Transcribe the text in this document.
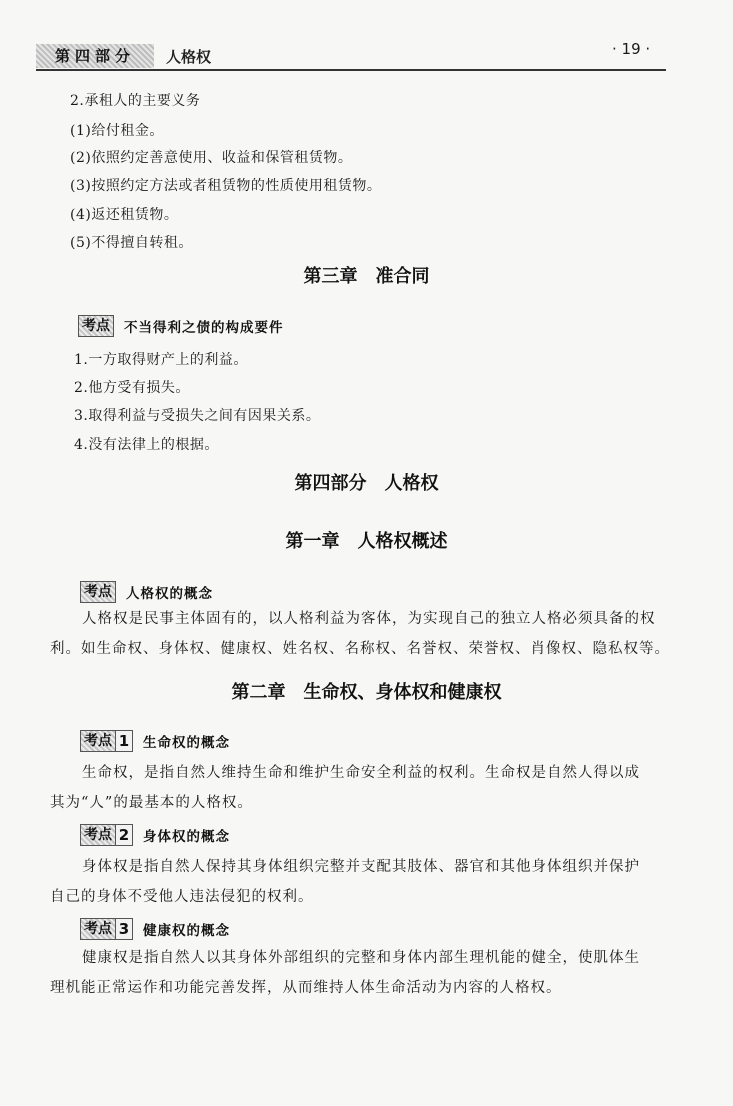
第四部分	人格权	· 19 ·
2.承租人的主要义务
(1)给付租金。
(2)依照约定善意使用、收益和保管租赁物。
(3)按照约定方法或者租赁物的性质使用租赁物。
(4)返还租赁物。
(5)不得擅自转租。
第三章　准合同
考点 不当得利之债的构成要件
1.一方取得财产上的利益。
2.他方受有损失。
3.取得利益与受损失之间有因果关系。
4.没有法律上的根据。
第四部分　人格权
第一章　人格权概述
考点 人格权的概念
人格权是民事主体固有的，以人格利益为客体，为实现自己的独立人格必须具备的权
利。如生命权、身体权、健康权、姓名权、名称权、名誉权、荣誉权、肖像权、隐私权等。
第二章　生命权、身体权和健康权
考点 1 生命权的概念
生命权，是指自然人维持生命和维护生命安全利益的权利。生命权是自然人得以成
其为“人”的最基本的人格权。
考点 2 身体权的概念
身体权是指自然人保持其身体组织完整并支配其肢体、器官和其他身体组织并保护
自己的身体不受他人违法侵犯的权利。
考点 3 健康权的概念
健康权是指自然人以其身体外部组织的完整和身体内部生理机能的健全，使肌体生
理机能正常运作和功能完善发挥，从而维持人体生命活动为内容的人格权。
